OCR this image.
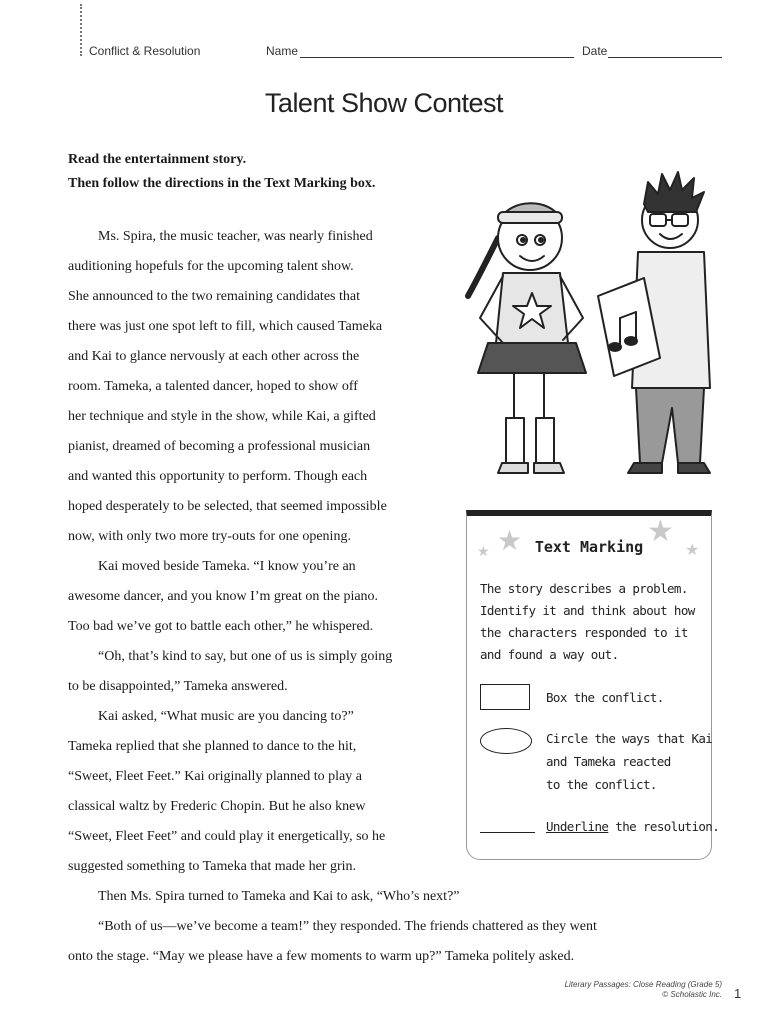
Conflict & Resolution	Name	Date
Talent Show Contest
Read the entertainment story.
Then follow the directions in the Text Marking box.
Ms. Spira, the music teacher, was nearly finished
auditioning hopefuls for the upcoming talent show.
She announced to the two remaining candidates that
there was just one spot left to fill, which caused Tameka
and Kai to glance nervously at each other across the
room. Tameka, a talented dancer, hoped to show off
her technique and style in the show, while Kai, a gifted
pianist, dreamed of becoming a professional musician
and wanted this opportunity to perform. Though each
hoped desperately to be selected, that seemed impossible
now, with only two more try-outs for one opening.
Kai moved beside Tameka. “I know you’re an
awesome dancer, and you know I’m great on the piano.
Too bad we’ve got to battle each other,” he whispered.
“Oh, that’s kind to say, but one of us is simply going
to be disappointed,” Tameka answered.
Kai asked, “What music are you dancing to?”
Tameka replied that she planned to dance to the hit,
“Sweet, Fleet Feet.” Kai originally planned to play a
classical waltz by Frederic Chopin. But he also knew
“Sweet, Fleet Feet” and could play it energetically, so he
suggested something to Tameka that made her grin.
Then Ms. Spira turned to Tameka and Kai to ask, “Who’s next?”
“Both of us—we’ve become a team!” they responded. The friends chattered as they went
onto the stage. “May we please have a few moments to warm up?” Tameka politely asked.
★ ★	★
★
Text Marking
The story describes a problem.
Identify it and think about how
the characters responded to it
and found a way out.
Box the conflict.
Circle the ways that Kai
and Tameka reacted
to the conflict.
Underline the resolution.
Literary Passages: Close Reading (Grade 5)
© Scholastic Inc. 1
